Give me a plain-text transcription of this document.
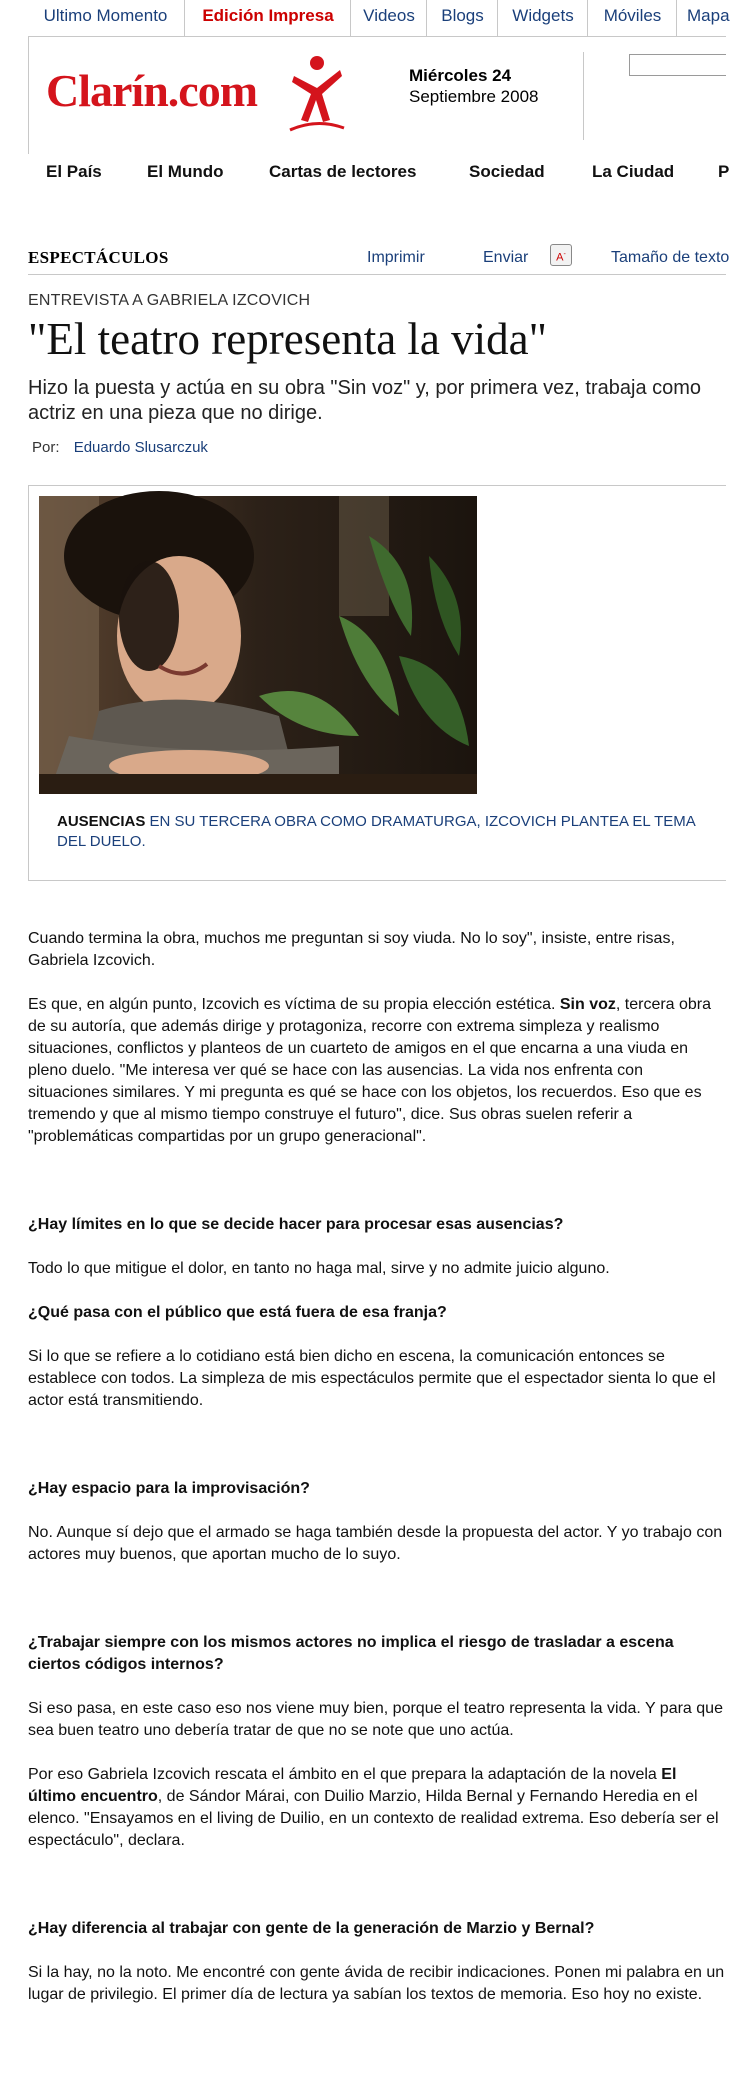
Ultimo Momento	Edición Impresa	Videos	Blogs	Widgets	Móviles	Mapa
Clarín.com	Miércoles 24
Septiembre 2008
El País	El Mundo	Cartas de lectores	Sociedad	La Ciudad	P
ESPECTÁCULOS	Imprimir	Enviar	Tamaño de texto
A-
ENTREVISTA A GABRIELA IZCOVICH
"El teatro representa la vida"
Hizo la puesta y actúa en su obra "Sin voz" y, por primera vez, trabaja como actriz en una pieza que no dirige.
Por: Eduardo Slusarczuk
AUSENCIAS EN SU TERCERA OBRA COMO DRAMATURGA, IZCOVICH PLANTEA EL TEMA DEL DUELO.

Cuando termina la obra, muchos me preguntan si soy viuda. No lo soy", insiste, entre risas, Gabriela Izcovich.

Es que, en algún punto, Izcovich es víctima de su propia elección estética. Sin voz, tercera obra de su autoría, que además dirige y protagoniza, recorre con extrema simpleza y realismo situaciones, conflictos y planteos de un cuarteto de amigos en el que encarna a una viuda en pleno duelo. "Me interesa ver qué se hace con las ausencias. La vida nos enfrenta con situaciones similares. Y mi pregunta es qué se hace con los objetos, los recuerdos. Eso que es tremendo y que al mismo tiempo construye el futuro", dice. Sus obras suelen referir a "problemáticas compartidas por un grupo generacional".

¿Hay límites en lo que se decide hacer para procesar esas ausencias?

Todo lo que mitigue el dolor, en tanto no haga mal, sirve y no admite juicio alguno.

¿Qué pasa con el público que está fuera de esa franja?

Si lo que se refiere a lo cotidiano está bien dicho en escena, la comunicación entonces se establece con todos. La simpleza de mis espectáculos permite que el espectador sienta lo que el actor está transmitiendo.

¿Hay espacio para la improvisación?

No. Aunque sí dejo que el armado se haga también desde la propuesta del actor. Y yo trabajo con actores muy buenos, que aportan mucho de lo suyo.

¿Trabajar siempre con los mismos actores no implica el riesgo de trasladar a escena ciertos códigos internos?

Si eso pasa, en este caso eso nos viene muy bien, porque el teatro representa la vida. Y para que sea buen teatro uno debería tratar de que no se note que uno actúa.

Por eso Gabriela Izcovich rescata el ámbito en el que prepara la adaptación de la novela El último encuentro, de Sándor Márai, con Duilio Marzio, Hilda Bernal y Fernando Heredia en el elenco. "Ensayamos en el living de Duilio, en un contexto de realidad extrema. Eso debería ser el espectáculo", declara.

¿Hay diferencia al trabajar con gente de la generación de Marzio y Bernal?

Si la hay, no la noto. Me encontré con gente ávida de recibir indicaciones. Ponen mi palabra en un lugar de privilegio. El primer día de lectura ya sabían los textos de memoria. Eso hoy no existe.
